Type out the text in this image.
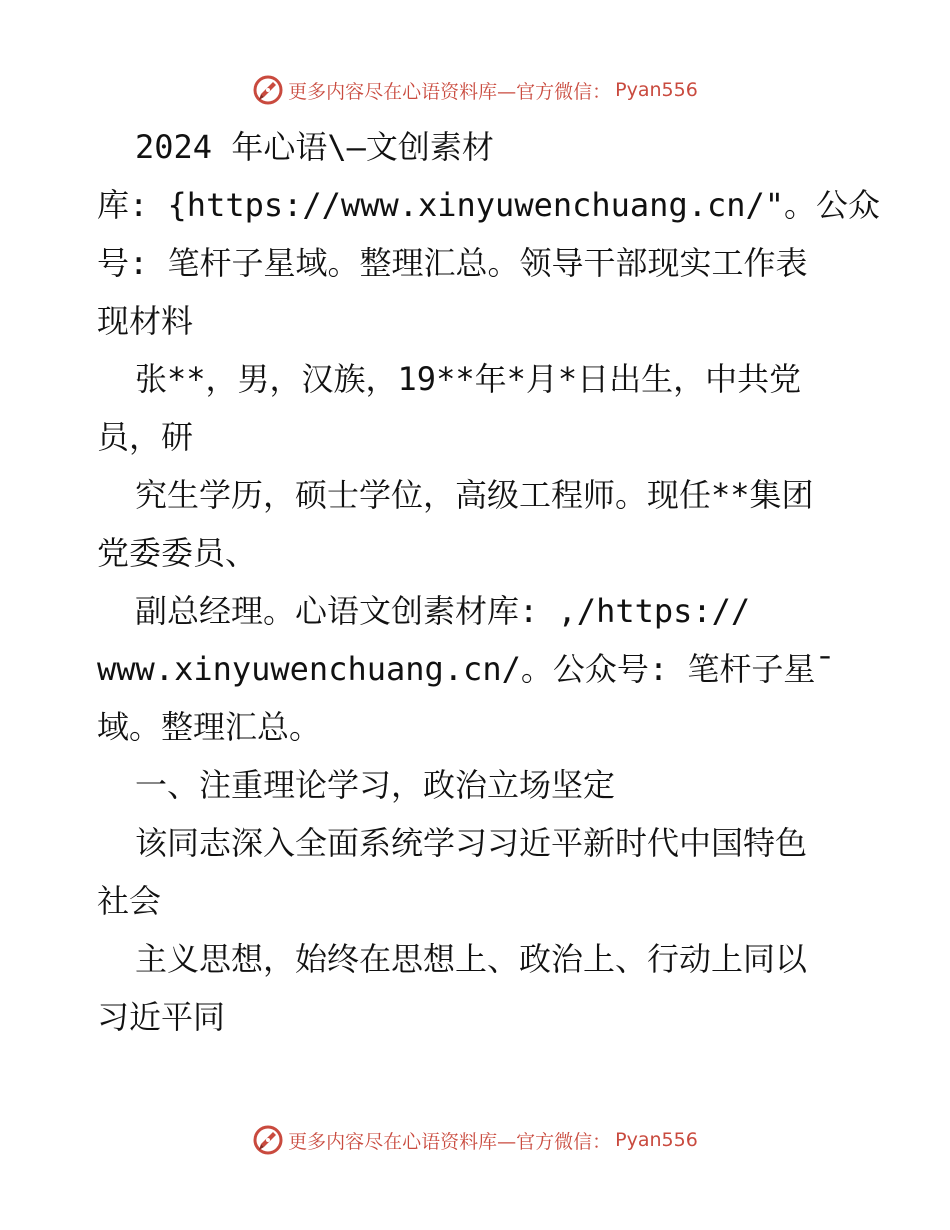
更多内容尽在心语资料库—官方微信： Pyan556
2024 年心语\—文创素材
库: {https://www.xinyuwenchuang.cn/"。公众
号: 笔杆子星域。整理汇总。领导干部现实工作表
现材料
张**，男，汉族，19**年*月*日出生，中共党
员，研
究生学历，硕士学位，高级工程师。现任**集团
党委委员、
副总经理。心语文创素材库: ,/https://
www.xinyuwenchuang.cn/。公众号: 笔杆子星¯
域。整理汇总。
一、注重理论学习，政治立场坚定
该同志深入全面系统学习习近平新时代中国特色
社会
主义思想，始终在思想上、政治上、行动上同以
习近平同
更多内容尽在心语资料库—官方微信： Pyan556
